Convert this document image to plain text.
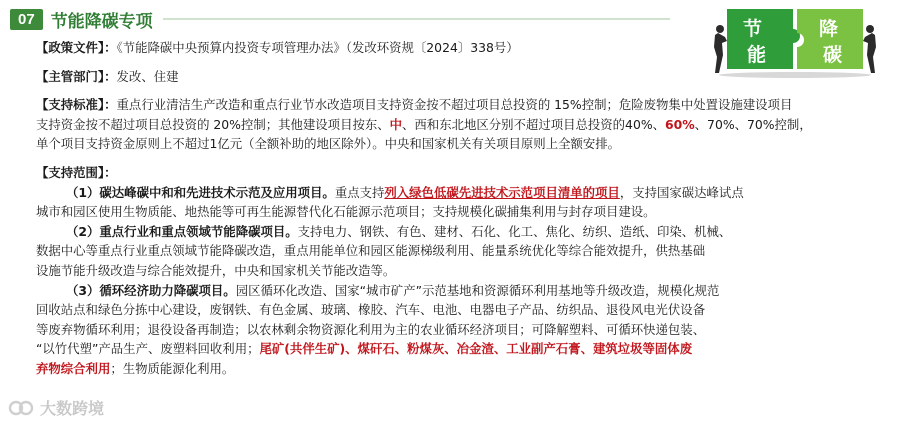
07 节能降碳专项	节
能
降
碳
【政策文件】：《节能降碳中央预算内投资专项管理办法》（发改环资规〔2024〕338号）
【主管部门】：发改、住建
【支持标准】：重点行业清洁生产改造和重点行业节水改造项目支持资金按不超过项目总投资的 15%控制；危险废物集中处置设施建设项目
支持资金按不超过项目总投资的 20%控制；其他建设项目按东、中、西和东北地区分别不超过项目总投资的40%、60%、70%、70%控制，
单个项目支持资金原则上不超过1亿元（全额补助的地区除外）。中央和国家机关有关项目原则上全额安排。
【支持范围】：
（1）碳达峰碳中和和先进技术示范及应用项目。重点支持列入绿色低碳先进技术示范项目清单的项目，支持国家碳达峰试点
城市和园区使用生物质能、地热能等可再生能源替代化石能源示范项目；支持规模化碳捕集利用与封存项目建设。
（2）重点行业和重点领域节能降碳项目。支持电力、钢铁、有色、建材、石化、化工、焦化、纺织、造纸、印染、机械、
数据中心等重点行业重点领域节能降碳改造，重点用能单位和园区能源梯级利用、能量系统优化等综合能效提升，供热基础
设施节能升级改造与综合能效提升，中央和国家机关节能改造等。
（3）循环经济助力降碳项目。园区循环化改造、国家“城市矿产”示范基地和资源循环利用基地等升级改造，规模化规范
回收站点和绿色分拣中心建设，废钢铁、有色金属、玻璃、橡胶、汽车、电池、电器电子产品、纺织品、退役风电光伏设备
等废弃物循环利用；退役设备再制造；以农林剩余物资源化利用为主的农业循环经济项目；可降解塑料、可循环快递包装、
“以竹代塑”产品生产、废塑料回收利用；尾矿(共伴生矿)、煤矸石、粉煤灰、冶金渣、工业副产石膏、建筑垃圾等固体废
弃物综合利用；生物质能源化利用。
大数跨境
